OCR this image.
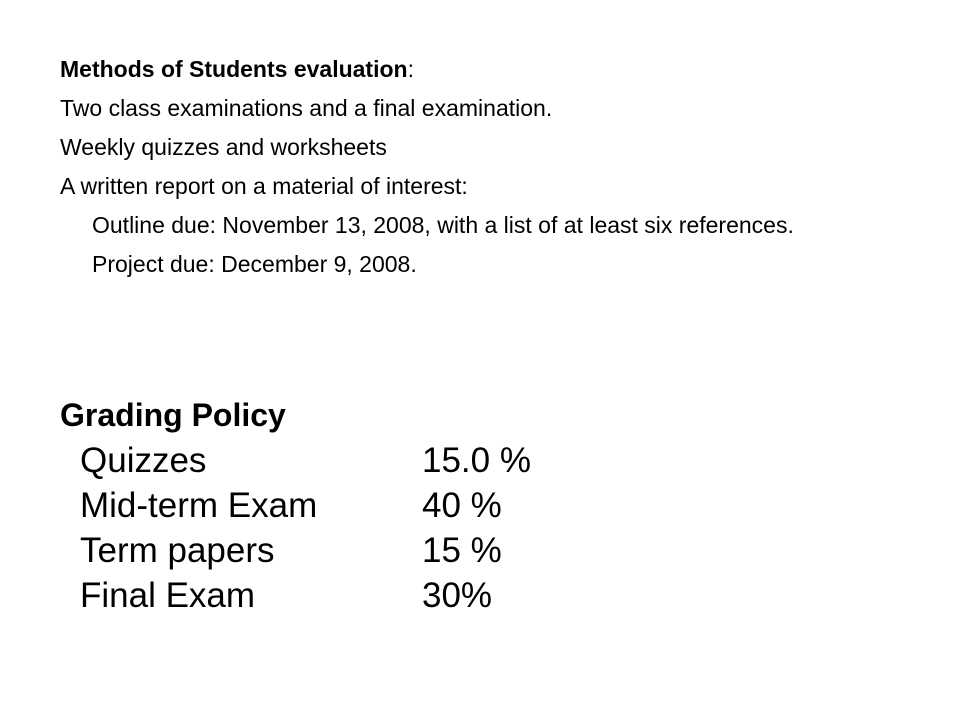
Methods of Students evaluation:
Two class examinations and a final examination.
Weekly quizzes and worksheets
A written report on a material of interest:
Outline due: November 13, 2008, with a list of at least six references.
Project due: December 9, 2008.
Grading Policy
Quizzes	15.0 %
Mid-term Exam	40 %
Term papers	15 %
Final Exam	30%
